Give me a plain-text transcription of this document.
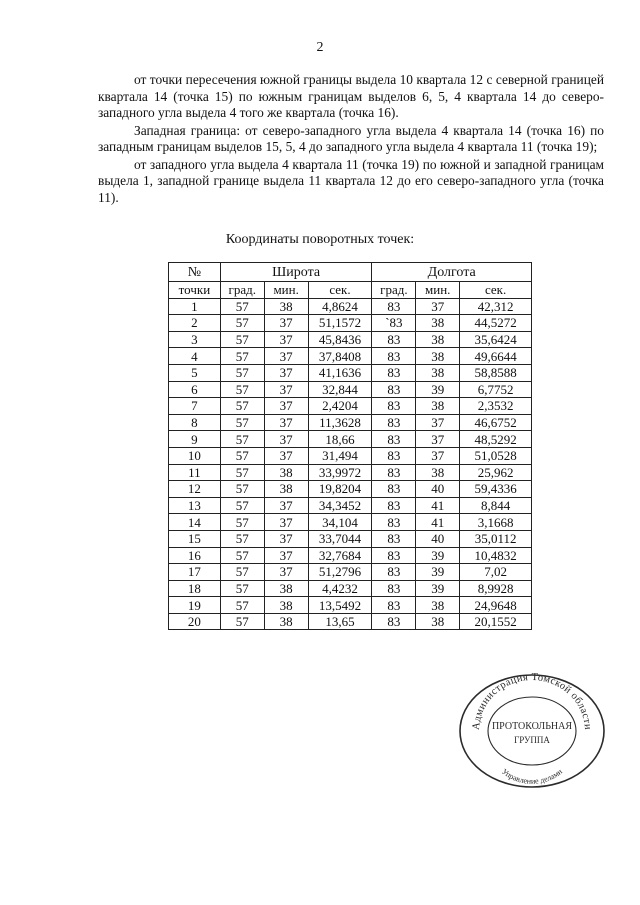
2

от точки пересечения южной границы выдела 10 квартала 12 с северной границей квартала 14 (точка 15) по южным границам выделов 6, 5, 4 квартала 14 до северо-западного угла выдела 4 того же квартала (точка 16).

Западная граница: от северо-западного угла выдела 4 квартала 14 (точка 16) по западным границам выделов 15, 5, 4 до западного угла выдела 4 квартала 11 (точка 19);

от западного угла выдела 4 квартала 11 (точка 19) по южной и западной границам выдела 1, западной границе выдела 11 квартала 12 до его северо-западного угла (точка 11).

Координаты поворотных точек:
№	Широта			Долгота		
точки	град.	мин.	сек.	град.	мин.	сек.
1	57	38	4,8624	83	37	42,312
2	57	37	51,1572	`83	38	44,5272
3	57	37	45,8436	83	38	35,6424
4	57	37	37,8408	83	38	49,6644
5	57	37	41,1636	83	38	58,8588
6	57	37	32,844	83	39	6,7752
7	57	37	2,4204	83	38	2,3532
8	57	37	11,3628	83	37	46,6752
9	57	37	18,66	83	37	48,5292
10	57	37	31,494	83	37	51,0528
11	57	38	33,9972	83	38	25,962
12	57	38	19,8204	83	40	59,4336
13	57	37	34,3452	83	41	8,844
14	57	37	34,104	83	41	3,1668
15	57	37	33,7044	83	40	35,0112
16	57	37	32,7684	83	39	10,4832
17	57	37	51,2796	83	39	7,02
18	57	38	4,4232	83	39	8,9928
19	57	38	13,5492	83	38	24,9648
20	57	38	13,65	83	38	20,1552
Администрация Томской области
Управление делами
ПРОТОКОЛЬНАЯ
ГРУППА
